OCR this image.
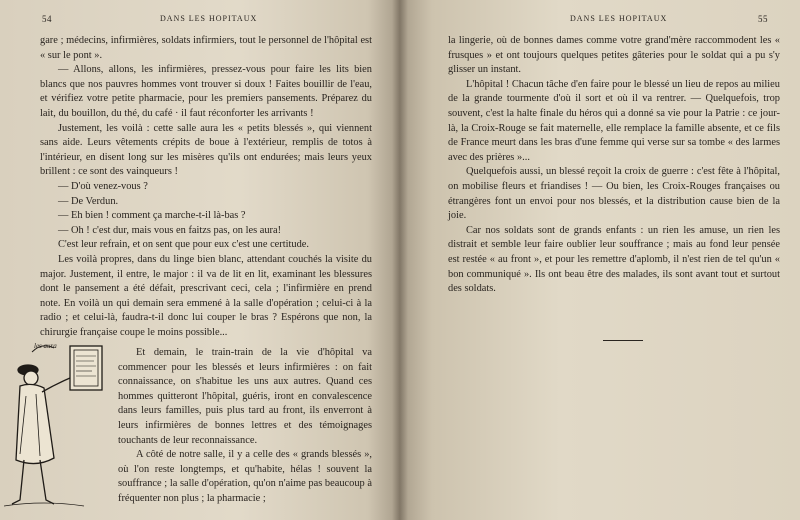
54	DANS LES HOPITAUX

gare ; médecins, infirmières, soldats infirmiers, tout le personnel de l'hôpital est « sur le pont ».

— Allons, allons, les infirmières, pressez-vous pour faire les lits bien blancs que nos pauvres hommes vont trouver si doux ! Faites bouillir de l'eau, et vérifiez votre petite pharmacie, pour les premiers pansements. Préparez du lait, du bouillon, du thé, du café · il faut réconforter les arrivants !

Justement, les voilà : cette salle aura les « petits blessés », qui viennent sans aide. Leurs vêtements crépits de boue à l'extérieur, remplis de totos à l'intérieur, en disent long sur les misères qu'ils ont endurées; mais leurs yeux brillent : ce sont des vainqueurs !

— D'où venez-vous ?

— De Verdun.

— Eh bien ! comment ça marche-t-il là-bas ?

— Oh ! c'est dur, mais vous en faitzs pas, on les aura!

C'est leur refrain, et on sent que pour eux c'est une certitude.

Les voilà propres, dans du linge bien blanc, attendant couchés la visite du major. Justement, il entre, le major : il va de lit en lit, examinant les blessures dont le pansement a été défait, prescrivant ceci, cela ; l'infirmière en prend note. En voilà un qui demain sera emmené à la salle d'opération ; celui-ci à la radio ; et celui-là, faudra-t-il donc lui couper le bras ? Espérons que non, la chirurgie française coupe le moins possible...

les aura

Et demain, le train-train de la vie d'hôpital va commencer pour les blessés et leurs infirmières : on fait connaissance, on s'habitue les uns aux autres. Quand ces hommes quitteront l'hôpital, guéris, iront en convalescence dans leurs familles, puis plus tard au front, ils enverront à leurs infirmières de bonnes lettres et des témoignages touchants de leur reconnaissance.

A côté de notre salle, il y a celle des « grands blessés », où l'on reste longtemps, et qu'habite, hélas ! souvent la souffrance ; la salle d'opération, qu'on n'aime pas beaucoup à fréquenter non plus ; la pharmacie ;

DANS LES HOPITAUX	55

la lingerie, où de bonnes dames comme votre grand'mère raccommodent les « frusques » et ont toujours quelques petites gâteries pour le soldat qui a pu s'y glisser un instant.

L'hôpital ! Chacun tâche d'en faire pour le blessé un lieu de repos au milieu de la grande tourmente d'où il sort et où il va rentrer. — Quelquefois, trop souvent, c'est la halte finale du héros qui a donné sa vie pour la Patrie : ce jour-là, la Croix-Rouge se fait maternelle, elle remplace la famille absente, et ce fils de France meurt dans les bras d'une femme qui verse sur sa tombe « des larmes avec des prières »...

Quelquefois aussi, un blessé reçoit la croix de guerre : c'est fête à l'hôpital, on mobilise fleurs et friandises ! — Ou bien, les Croix-Rouges françaises ou étrangères font un envoi pour nos blessés, et la distribution cause bien de la joie.

Car nos soldats sont de grands enfants : un rien les amuse, un rien les distrait et semble leur faire oublier leur souffrance ; mais au fond leur pensée est restée « au front », et pour les remettre d'aplomb, il n'est rien de tel qu'un « bon communiqué ». Ils ont beau être des malades, ils sont avant tout et surtout des soldats.
